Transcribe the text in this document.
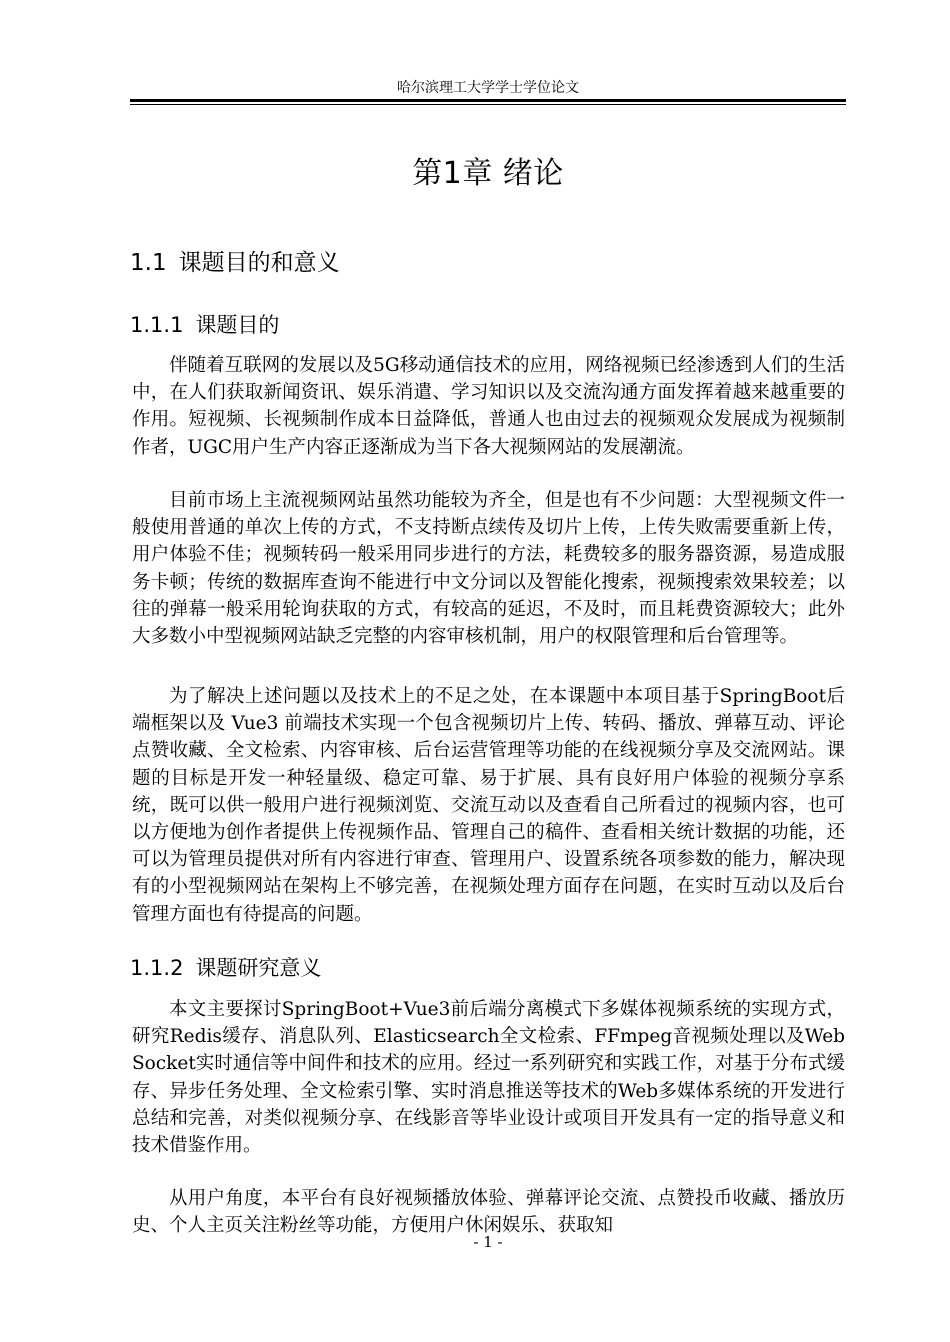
哈尔滨理工大学学士学位论文
第1章 绪论
1.1 课题目的和意义
1.1.1 课题目的

伴随着互联网的发展以及5G移动通信技术的应用，网络视频已经渗透到人们的生活中，在人们获取新闻资讯、娱乐消遣、学习知识以及交流沟通方面发挥着越来越重要的作用。短视频、长视频制作成本日益降低，普通人也由过去的视频观众发展成为视频制作者，UGC用户生产内容正逐渐成为当下各大视频网站的发展潮流。

目前市场上主流视频网站虽然功能较为齐全，但是也有不少问题：大型视频文件一般使用普通的单次上传的方式，不支持断点续传及切片上传，上传失败需要重新上传，用户体验不佳；视频转码一般采用同步进行的方法，耗费较多的服务器资源，易造成服务卡顿；传统的数据库查询不能进行中文分词以及智能化搜索，视频搜索效果较差；以往的弹幕一般采用轮询获取的方式，有较高的延迟，不及时，而且耗费资源较大；此外大多数小中型视频网站缺乏完整的内容审核机制，用户的权限管理和后台管理等。

为了解决上述问题以及技术上的不足之处，在本课题中本项目基于SpringBoot后端框架以及 Vue3 前端技术实现一个包含视频切片上传、转码、播放、弹幕互动、评论点赞收藏、全文检索、内容审核、后台运营管理等功能的在线视频分享及交流网站。课题的目标是开发一种轻量级、稳定可靠、易于扩展、具有良好用户体验的视频分享系统，既可以供一般用户进行视频浏览、交流互动以及查看自己所看过的视频内容，也可以方便地为创作者提供上传视频作品、管理自己的稿件、查看相关统计数据的功能，还可以为管理员提供对所有内容进行审查、管理用户、设置系统各项参数的能力，解决现有的小型视频网站在架构上不够完善，在视频处理方面存在问题，在实时互动以及后台管理方面也有待提高的问题。

1.1.2 课题研究意义

本文主要探讨SpringBoot+Vue3前后端分离模式下多媒体视频系统的实现方式，研究Redis缓存、消息队列、Elasticsearch全文检索、FFmpeg音视频处理以及WebSocket实时通信等中间件和技术的应用。经过一系列研究和实践工作，对基于分布式缓存、异步任务处理、全文检索引擎、实时消息推送等技术的Web多媒体系统的开发进行总结和完善，对类似视频分享、在线影音等毕业设计或项目开发具有一定的指导意义和技术借鉴作用。

从用户角度，本平台有良好视频播放体验、弹幕评论交流、点赞投币收藏、播放历史、个人主页关注粉丝等功能，方便用户休闲娱乐、获取知

- 1 -
